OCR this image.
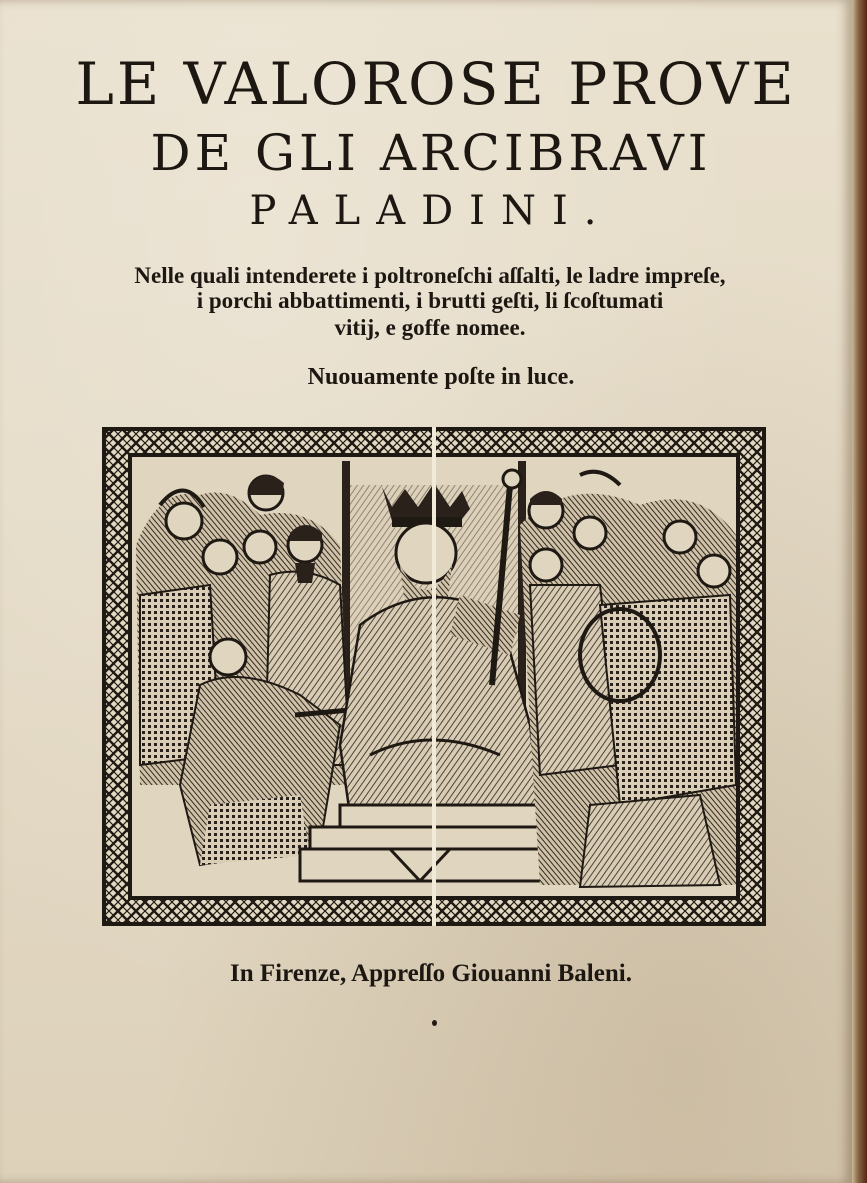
LE VALOROSE PROVE
DE GLI ARCIBRAVI
PALADINI.
Nelle quali intenderete i poltroneſchi aſſalti, le ladre impreſe,
i porchi abbattimenti, i brutti geſti, li ſcoſtumati
vitij, e goffe nomee.
Nuouamente poſte in luce.
In Firenze, Appreſſo Giouanni Baleni.
